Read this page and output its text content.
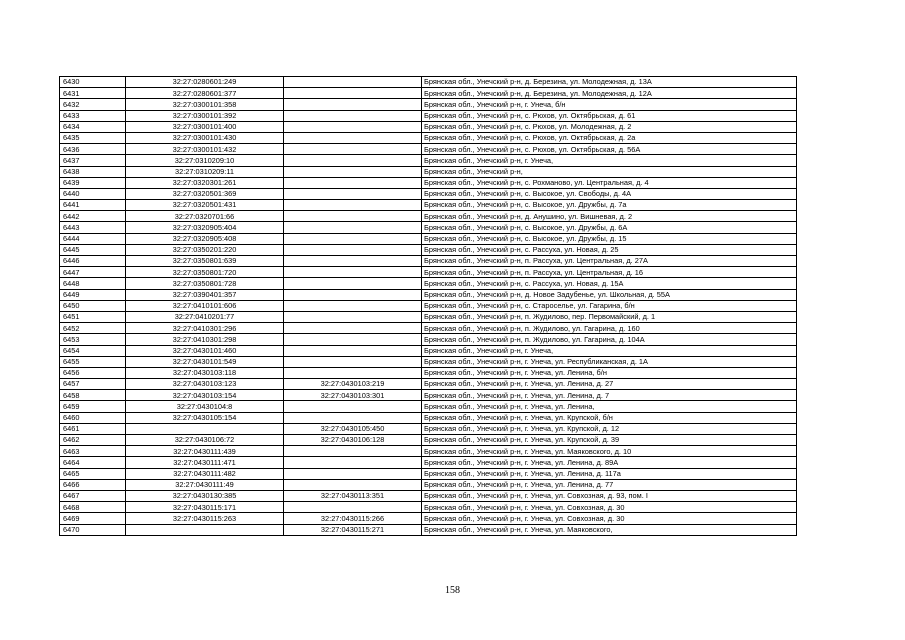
6430	32:27:0280601:249		Брянская обл., Унечский р-н, д. Березина, ул. Молодежная, д. 13А
6431	32:27:0280601:377		Брянская обл., Унечский р-н, д. Березина, ул. Молодежная, д. 12А
6432	32:27:0300101:358		Брянская обл., Унечский р-н, г. Унеча, б/н
6433	32:27:0300101:392		Брянская обл., Унечский р-н, с. Рюхов, ул. Октябрьская, д. 61
6434	32:27:0300101:400		Брянская обл., Унечский р-н, с. Рюхов, ул. Молодежная, д. 2
6435	32:27:0300101:430		Брянская обл., Унечский р-н, с. Рюхов, ул. Октябрьская, д. 2а
6436	32:27:0300101:432		Брянская обл., Унечский р-н, с. Рюхов, ул. Октябрьская, д. 56А
6437	32:27:0310209:10		Брянская обл., Унечский р-н, г. Унеча,
6438	32:27:0310209:11		Брянская обл., Унечский р-н,
6439	32:27:0320301:261		Брянская обл., Унечский р-н, с. Рохманово, ул. Центральная, д. 4
6440	32:27:0320501:369		Брянская обл., Унечский р-н, с. Высокое, ул. Свободы, д. 4А
6441	32:27:0320501:431		Брянская обл., Унечский р-н, с. Высокое, ул. Дружбы, д. 7а
6442	32:27:0320701:66		Брянская обл., Унечский р-н, д. Анушино, ул. Вишневая, д. 2
6443	32:27:0320905:404		Брянская обл., Унечский р-н, с. Высокое, ул. Дружбы, д. 6А
6444	32:27:0320905:408		Брянская обл., Унечский р-н, с. Высокое, ул. Дружбы, д. 15
6445	32:27:0350201:220		Брянская обл., Унечский р-н, с. Рассуха, ул. Новая, д. 25
6446	32:27:0350801:639		Брянская обл., Унечский р-н, п. Рассуха, ул. Центральная, д. 27А
6447	32:27:0350801:720		Брянская обл., Унечский р-н, п. Рассуха, ул. Центральная, д. 16
6448	32:27:0350801:728		Брянская обл., Унечский р-н, с. Рассуха, ул. Новая, д. 15А
6449	32:27:0390401:357		Брянская обл., Унечский р-н, д. Новое Задубенье, ул. Школьная, д. 55А
6450	32:27:0410101:606		Брянская обл., Унечский р-н, с. Староселье, ул. Гагарина, б/н
6451	32:27:0410201:77		Брянская обл., Унечский р-н, п. Жудилово, пер. Первомайский, д. 1
6452	32:27:0410301:296		Брянская обл., Унечский р-н, п. Жудилово, ул. Гагарина, д. 160
6453	32:27:0410301:298		Брянская обл., Унечский р-н, п. Жудилово, ул. Гагарина, д. 104А
6454	32:27:0430101:460		Брянская обл., Унечский р-н, г. Унеча,
6455	32:27:0430101:549		Брянская обл., Унечский р-н, г. Унеча, ул. Республиканская, д. 1А
6456	32:27:0430103:118		Брянская обл., Унечский р-н, г. Унеча, ул. Ленина, б/н
6457	32:27:0430103:123	32:27:0430103:219	Брянская обл., Унечский р-н, г. Унеча, ул. Ленина, д. 27
6458	32:27:0430103:154	32:27:0430103:301	Брянская обл., Унечский р-н, г. Унеча, ул. Ленина, д. 7
6459	32:27:0430104:8		Брянская обл., Унечский р-н, г. Унеча, ул. Ленина,
6460	32:27:0430105:154		Брянская обл., Унечский р-н, г. Унеча, ул. Крупской, б/н
6461		32:27:0430105:450	Брянская обл., Унечский р-н, г. Унеча, ул. Крупской, д. 12
6462	32:27:0430106:72	32:27:0430106:128	Брянская обл., Унечский р-н, г. Унеча, ул. Крупской, д. 39
6463	32:27:0430111:439		Брянская обл., Унечский р-н, г. Унеча, ул. Маяковского, д. 10
6464	32:27:0430111:471		Брянская обл., Унечский р-н, г. Унеча, ул. Ленина, д. 89А
6465	32:27:0430111:482		Брянская обл., Унечский р-н, г. Унеча, ул. Ленина, д. 117а
6466	32:27:0430111:49		Брянская обл., Унечский р-н, г. Унеча, ул. Ленина, д. 77
6467	32:27:0430130:385	32:27:0430113:351	Брянская обл., Унечский р-н, г. Унеча, ул. Совхозная, д. 93, пом. I
6468	32:27:0430115:171		Брянская обл., Унечский р-н, г. Унеча, ул. Совхозная, д. 30
6469	32:27:0430115:263	32:27:0430115:266	Брянская обл., Унечский р-н, г. Унеча, ул. Совхозная, д. 30
6470		32:27:0430115:271	Брянская обл., Унечский р-н, г. Унеча, ул. Маяковского,
158
